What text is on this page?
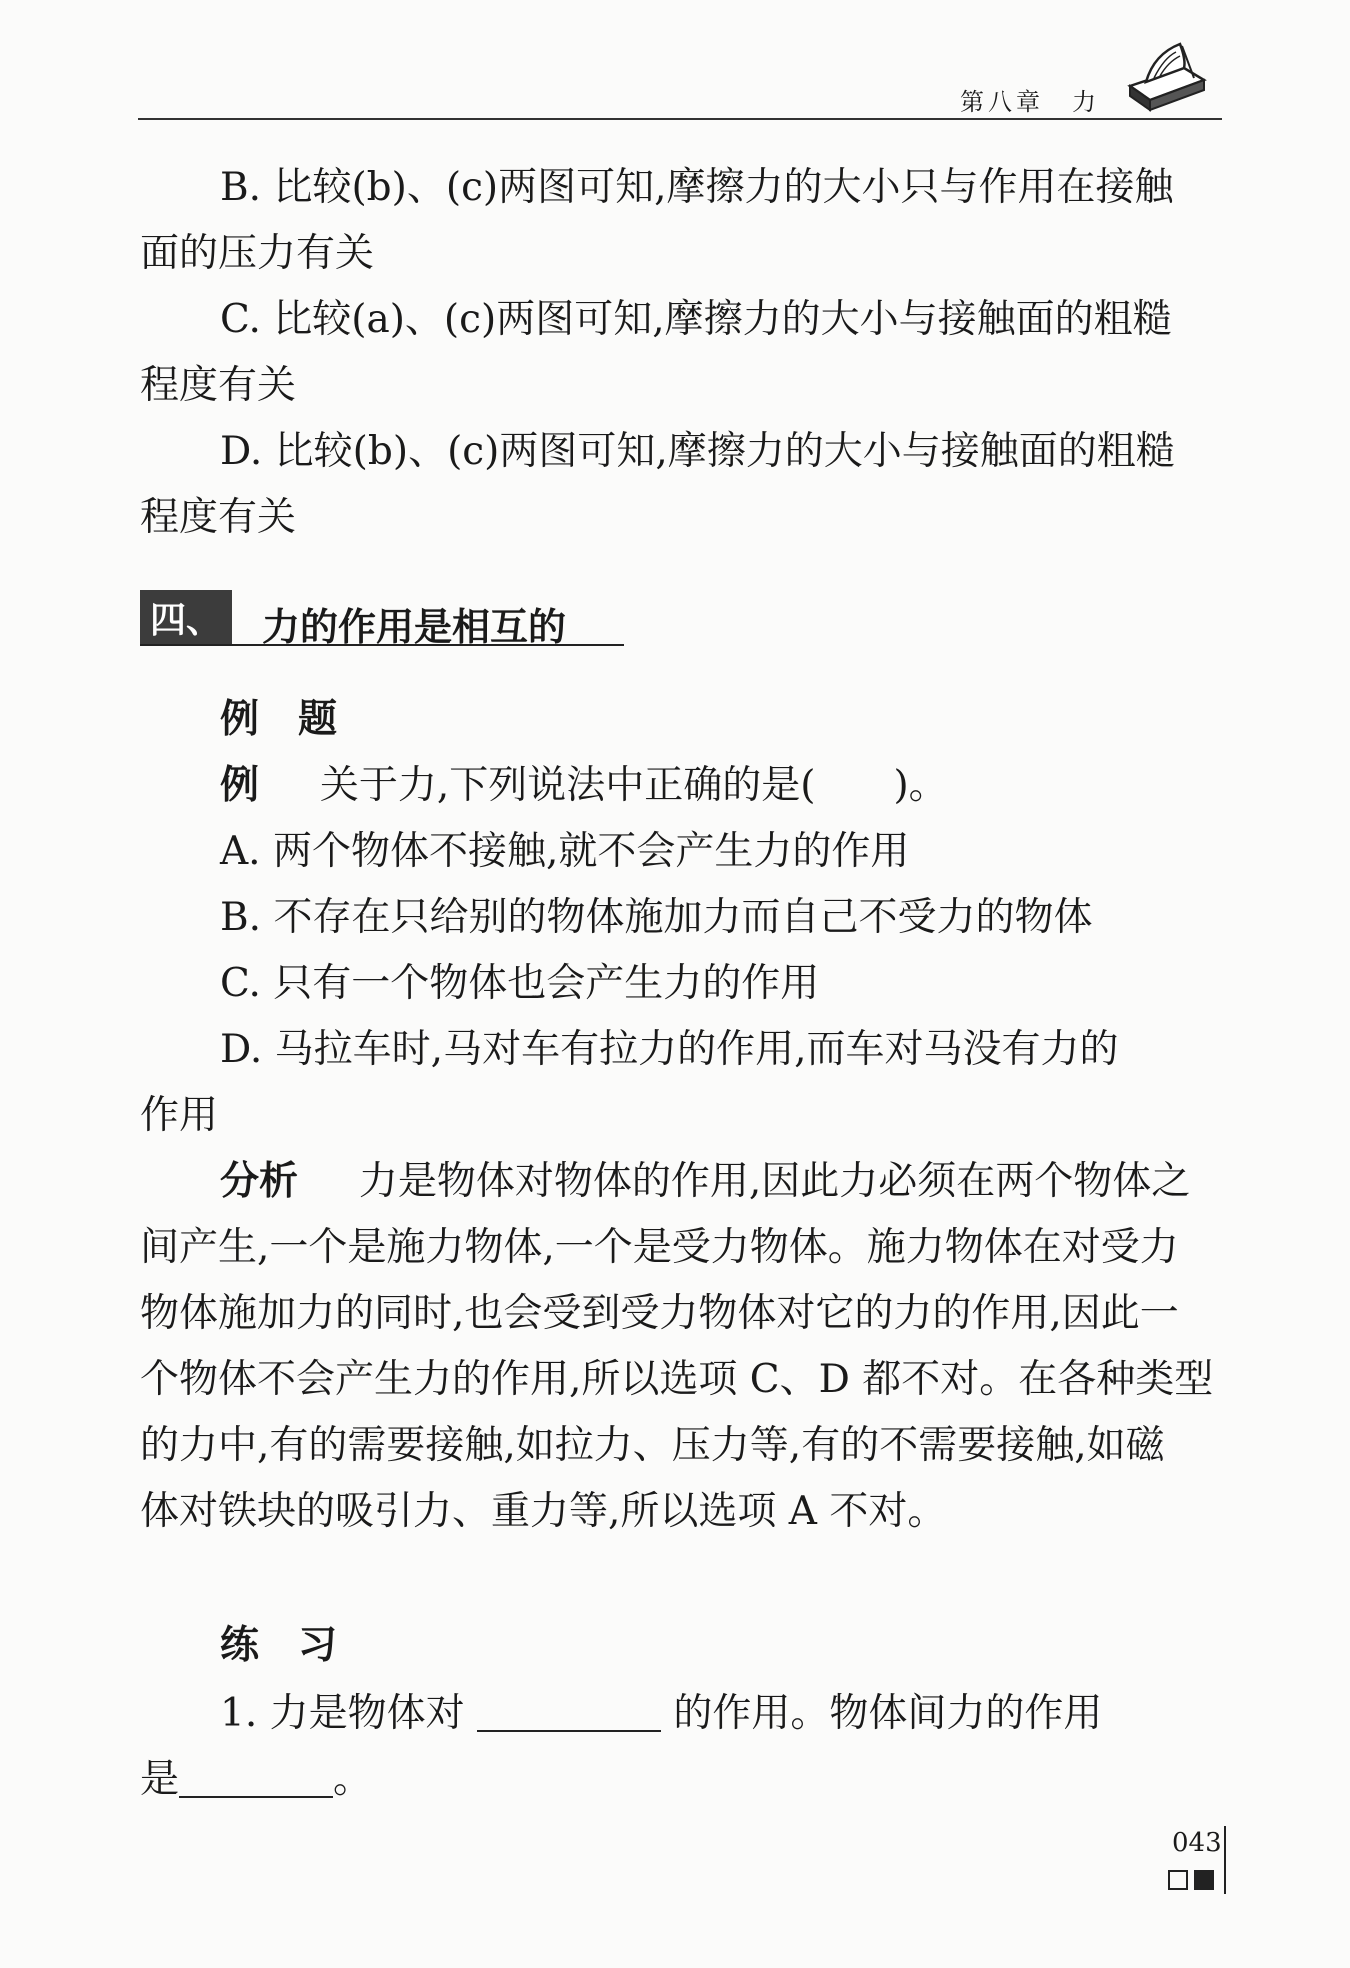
第八章　力
B. 比较(b)、(c)两图可知,摩擦力的大小只与作用在接触
面的压力有关
C. 比较(a)、(c)两图可知,摩擦力的大小与接触面的粗糙
程度有关
D. 比较(b)、(c)两图可知,摩擦力的大小与接触面的粗糙
程度有关
四、 力的作用是相互的
例　题
例 关于力,下列说法中正确的是(　　)。
A. 两个物体不接触,就不会产生力的作用
B. 不存在只给别的物体施加力而自己不受力的物体
C. 只有一个物体也会产生力的作用
D. 马拉车时,马对车有拉力的作用,而车对马没有力的
作用
分析 力是物体对物体的作用,因此力必须在两个物体之
间产生,一个是施力物体,一个是受力物体。施力物体在对受力
物体施加力的同时,也会受到受力物体对它的力的作用,因此一
个物体不会产生力的作用,所以选项 C、D 都不对。在各种类型
的力中,有的需要接触,如拉力、压力等,有的不需要接触,如磁
体对铁块的吸引力、重力等,所以选项 A 不对。
练　习
1. 力是物体对	的作用。物体间力的作用
是	。
043
